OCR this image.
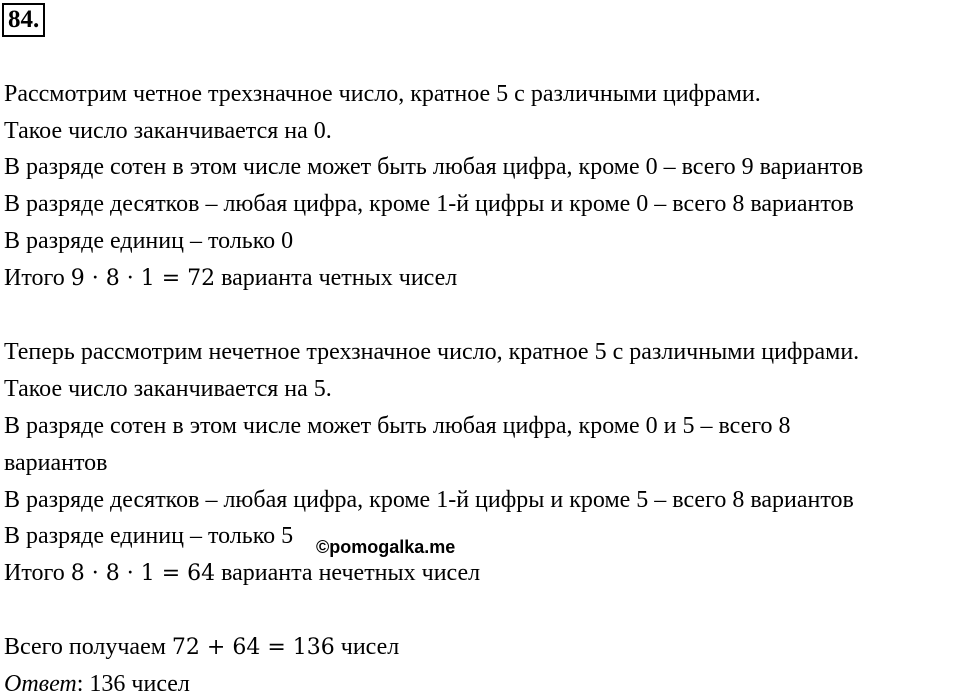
84.
Рассмотрим четное трехзначное число, кратное 5 с различными цифрами.
Такое число заканчивается на 0.
В разряде сотен в этом числе может быть любая цифра, кроме 0 – всего 9 вариантов
В разряде десятков – любая цифра, кроме 1-й цифры и кроме 0 – всего 8 вариантов
В разряде единиц – только 0
Итого 9 · 8 · 1 = 72 варианта четных чисел
Теперь рассмотрим нечетное трехзначное число, кратное 5 с различными цифрами.
Такое число заканчивается на 5.
В разряде сотен в этом числе может быть любая цифра, кроме 0 и 5 – всего 8
вариантов
В разряде десятков – любая цифра, кроме 1-й цифры и кроме 5 – всего 8 вариантов
В разряде единиц – только 5
Итого 8 · 8 · 1 = 64 варианта нечетных чисел
Всего получаем 72 + 64 = 136 чисел
Ответ: 136 чисел
©pomogalka.me
